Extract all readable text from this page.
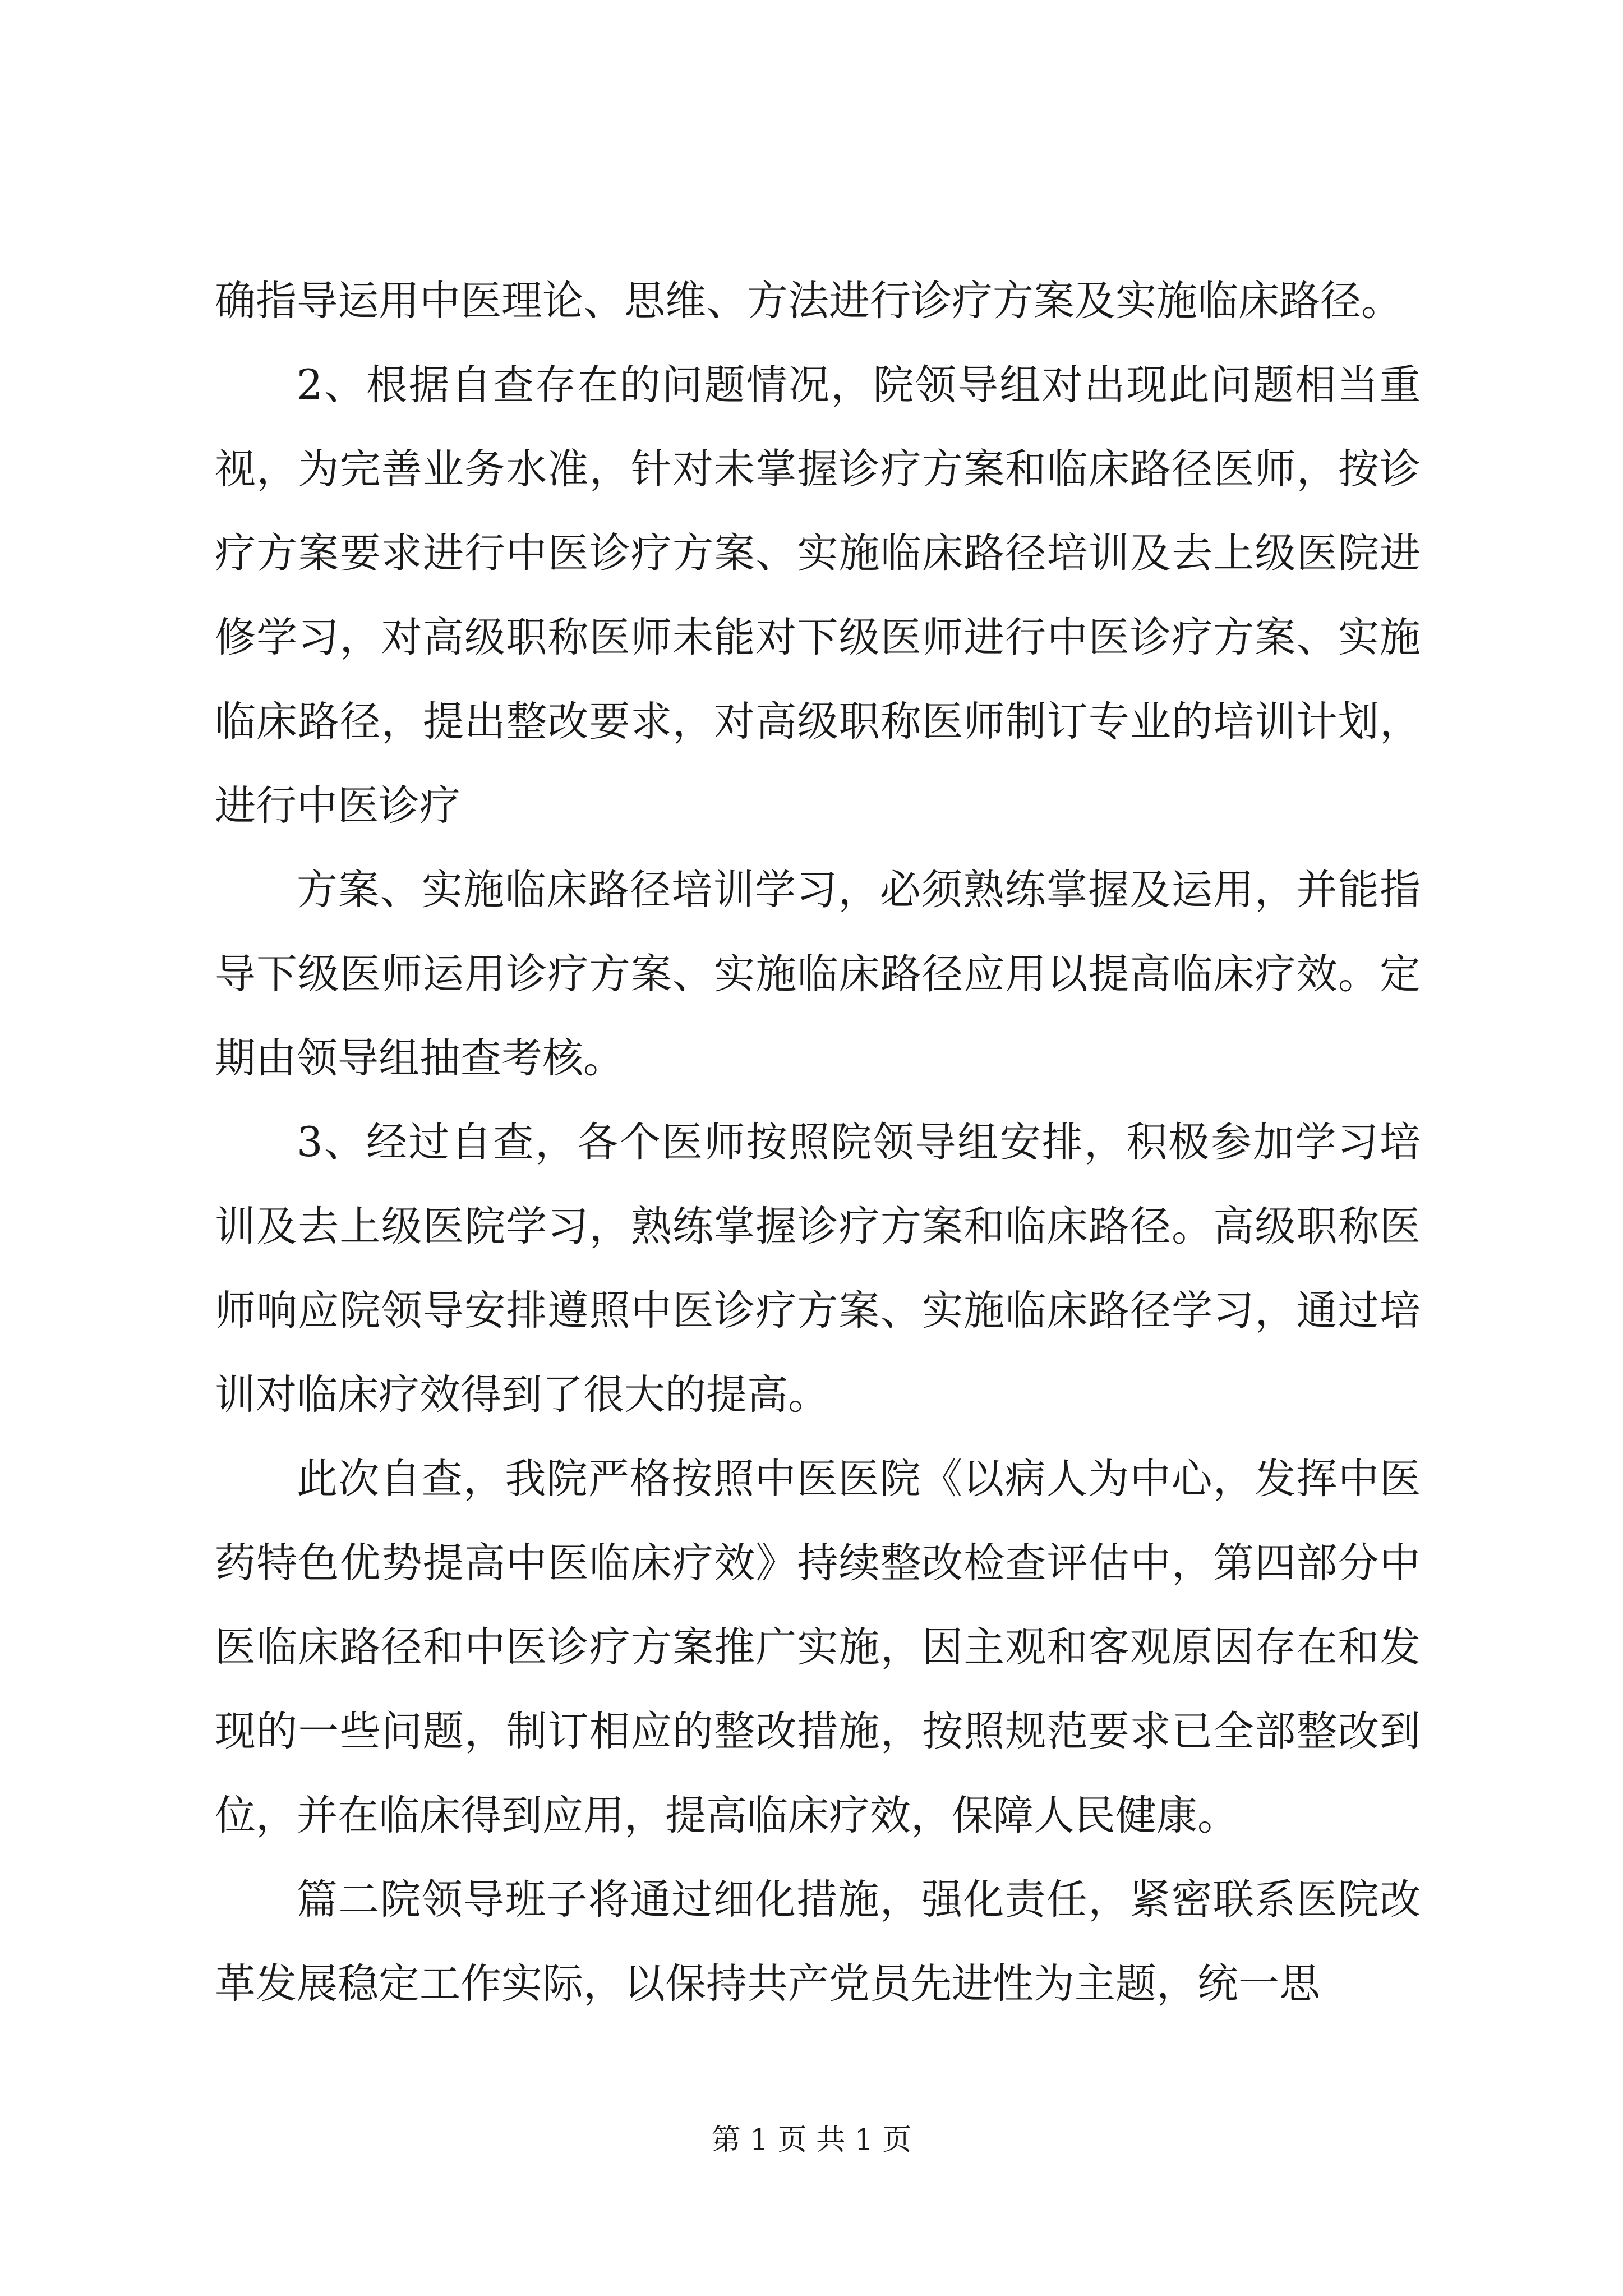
确指导运用中医理论、思维、方法进行诊疗方案及实施临床路径。

2、根据自查存在的问题情况，院领导组对出现此问题相当重视，为完善业务水准，针对未掌握诊疗方案和临床路径医师，按诊疗方案要求进行中医诊疗方案、实施临床路径培训及去上级医院进修学习，对高级职称医师未能对下级医师进行中医诊疗方案、实施临床路径，提出整改要求，对高级职称医师制订专业的培训计划，进行中医诊疗

方案、实施临床路径培训学习，必须熟练掌握及运用，并能指导下级医师运用诊疗方案、实施临床路径应用以提高临床疗效。定期由领导组抽查考核。

3、经过自查，各个医师按照院领导组安排，积极参加学习培训及去上级医院学习，熟练掌握诊疗方案和临床路径。高级职称医师响应院领导安排遵照中医诊疗方案、实施临床路径学习，通过培训对临床疗效得到了很大的提高。

此次自查，我院严格按照中医医院《以病人为中心，发挥中医药特色优势提高中医临床疗效》持续整改检查评估中，第四部分中医临床路径和中医诊疗方案推广实施，因主观和客观原因存在和发现的一些问题，制订相应的整改措施，按照规范要求已全部整改到位，并在临床得到应用，提高临床疗效，保障人民健康。

篇二院领导班子将通过细化措施，强化责任，紧密联系医院改革发展稳定工作实际，以保持共产党员先进性为主题，统一思

第 1 页 共 1 页
